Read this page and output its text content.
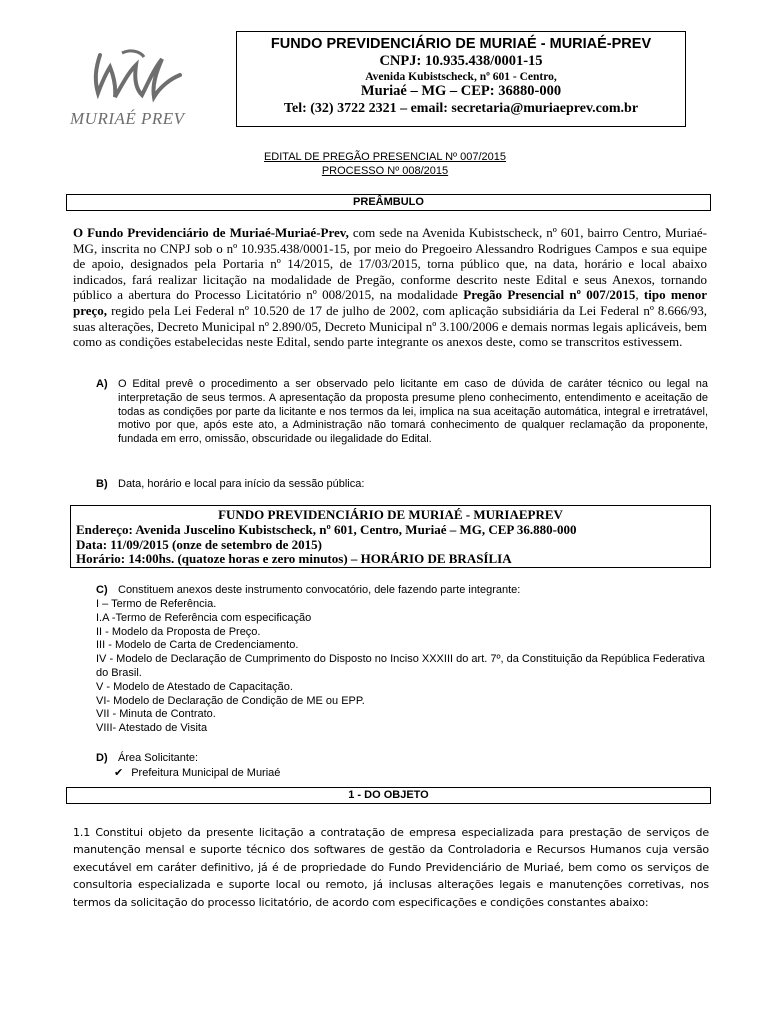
MURIAÉ PREV
FUNDO PREVIDENCIÁRIO DE MURIAÉ - MURIAÉ-PREV
CNPJ: 10.935.438/0001-15
Avenida Kubistscheck, nº 601 - Centro,
Muriaé – MG – CEP: 36880-000
Tel: (32) 3722 2321 – email: secretaria@muriaeprev.com.br
EDITAL DE PREGÃO PRESENCIAL Nº 007/2015
PROCESSO Nº 008/2015
PREÂMBULO
O Fundo Previdenciário de Muriaé-Muriaé-Prev, com sede na Avenida Kubistscheck, nº 601, bairro Centro, Muriaé-MG, inscrita no CNPJ sob o nº 10.935.438/0001-15, por meio do Pregoeiro Alessandro Rodrigues Campos e sua equipe de apoio, designados pela Portaria nº 14/2015, de 17/03/2015, torna público que, na data, horário e local abaixo indicados, fará realizar licitação na modalidade de Pregão, conforme descrito neste Edital e seus Anexos, tornando público a abertura do Processo Licitatório nº 008/2015, na modalidade Pregão Presencial nº 007/2015, tipo menor preço, regido pela Lei Federal nº 10.520 de 17 de julho de 2002, com aplicação subsidiária da Lei Federal nº 8.666/93, suas alterações, Decreto Municipal nº 2.890/05, Decreto Municipal nº 3.100/2006 e demais normas legais aplicáveis, bem como as condições estabelecidas neste Edital, sendo parte integrante os anexos deste, como se transcritos estivessem.
A) O Edital prevê o procedimento a ser observado pelo licitante em caso de dúvida de caráter técnico ou legal na interpretação de seus termos. A apresentação da proposta presume pleno conhecimento, entendimento e aceitação de todas as condições por parte da licitante e nos termos da lei, implica na sua aceitação automática, integral e irretratável, motivo por que, após este ato, a Administração não tomará conhecimento de qualquer reclamação da proponente, fundada em erro, omissão, obscuridade ou ilegalidade do Edital.
B) Data, horário e local para início da sessão pública:
FUNDO PREVIDENCIÁRIO DE MURIAÉ - MURIAEPREV
Endereço: Avenida Juscelino Kubistscheck, nº 601, Centro, Muriaé – MG, CEP 36.880-000
Data: 11/09/2015 (onze de setembro de 2015)
Horário: 14:00hs. (quatoze horas e zero minutos) – HORÁRIO DE BRASÍLIA
C) Constituem anexos deste instrumento convocatório, dele fazendo parte integrante:
I – Termo de Referência.
I.A -Termo de Referência com especificação
II - Modelo da Proposta de Preço.
III - Modelo de Carta de Credenciamento.
IV - Modelo de Declaração de Cumprimento do Disposto no Inciso XXXIII do art. 7º, da Constituição da República Federativa do Brasil.
V - Modelo de Atestado de Capacitação.
VI- Modelo de Declaração de Condição de ME ou EPP.
VII - Minuta de Contrato.
VIII- Atestado de Visita
D) Área Solicitante:
✔ Prefeitura Municipal de Muriaé
1 - DO OBJETO
1.1 Constitui objeto da presente licitação a contratação de empresa especializada para prestação de serviços de manutenção mensal e suporte técnico dos softwares de gestão da Controladoria e Recursos Humanos cuja versão executável em caráter definitivo, já é de propriedade do Fundo Previdenciário de Muriaé, bem como os serviços de consultoria especializada e suporte local ou remoto, já inclusas alterações legais e manutenções corretivas, nos termos da solicitação do processo licitatório, de acordo com especificações e condições constantes abaixo:
